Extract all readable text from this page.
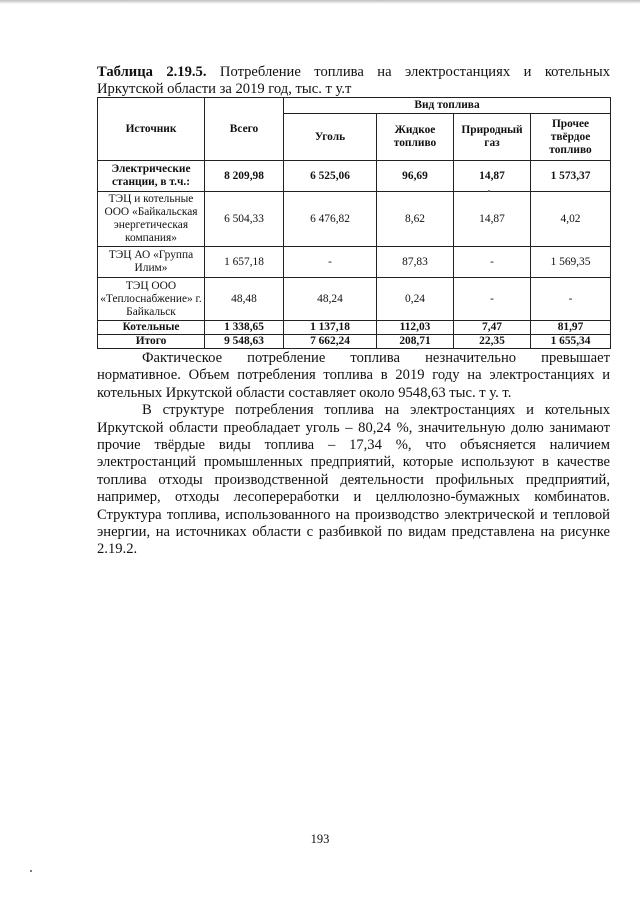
Таблица 2.19.5. Потребление топлива на электростанциях и котельных Иркутской области за 2019 год, тыс. т у.т
Источник	Всего	Вид топлива			
		Уголь	Жидкое топливо	Природный газ	Прочее твёрдое топливо
Электрические станции, в т.ч.:	8 209,98	6 525,06	96,69	14,87	1 573,37
ТЭЦ и котельные ООО «Байкальская энергетическая компания»	6 504,33	6 476,82	8,62	14,87	4,02
ТЭЦ АО «Группа Илим»	1 657,18	-	87,83	-	1 569,35
ТЭЦ ООО «Теплоснабжение» г. Байкальск	48,48	48,24	0,24	-	-
Котельные	1 338,65	1 137,18	112,03	7,47	81,97
Итого	9 548,63	7 662,24	208,71	22,35	1 655,34

Фактическое потребление топлива незначительно превышает нормативное. Объем потребления топлива в 2019 году на электростанциях и котельных Иркутской области составляет около 9548,63 тыс. т у. т.

В структуре потребления топлива на электростанциях и котельных Иркутской области преобладает уголь – 80,24 %, значительную долю занимают прочие твёрдые виды топлива – 17,34 %, что объясняется наличием электростанций промышленных предприятий, которые используют в качестве топлива отходы производственной деятельности профильных предприятий, например, отходы лесопереработки и целлюлозно-бумажных комбинатов. Структура топлива, использованного на производство электрической и тепловой энергии, на источниках области с разбивкой по видам представлена на рисунке 2.19.2.

193
